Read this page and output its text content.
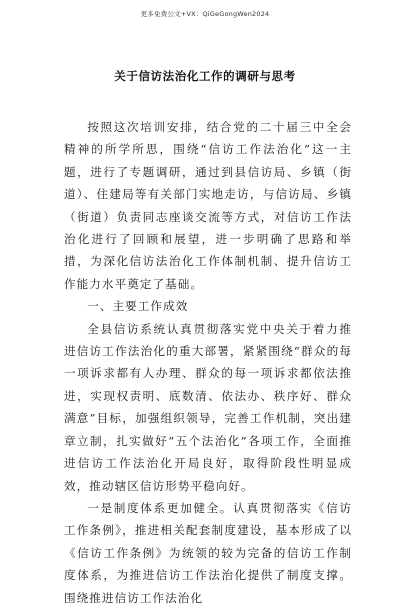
更多免费公文+VX：QiGeGongWen2024
关于信访法治化工作的调研与思考

按照这次培训安排，结合党的二十届三中全会精神的所学所思，围绕“信访工作法治化”这一主题，进行了专题调研，通过到县信访局、乡镇（街道）、住建局等有关部门实地走访，与信访局、乡镇（街道）负责同志座谈交流等方式，对信访工作法治化进行了回顾和展望，进一步明确了思路和举措，为深化信访法治化工作体制机制、提升信访工作能力水平奠定了基础。

一、主要工作成效

全县信访系统认真贯彻落实党中央关于着力推进信访工作法治化的重大部署，紧紧围绕“群众的每一项诉求都有人办理、群众的每一项诉求都依法推进，实现权责明、底数清、依法办、秩序好、群众满意”目标，加强组织领导，完善工作机制，突出建章立制，扎实做好“五个法治化”各项工作，全面推进信访工作法治化开局良好，取得阶段性明显成效，推动辖区信访形势平稳向好。

一是制度体系更加健全。认真贯彻落实《信访工作条例》，推进相关配套制度建设，基本形成了以《信访工作条例》为统领的较为完备的信访工作制度体系，为推进信访工作法治化提供了制度支撑。围绕推进信访工作法治化
